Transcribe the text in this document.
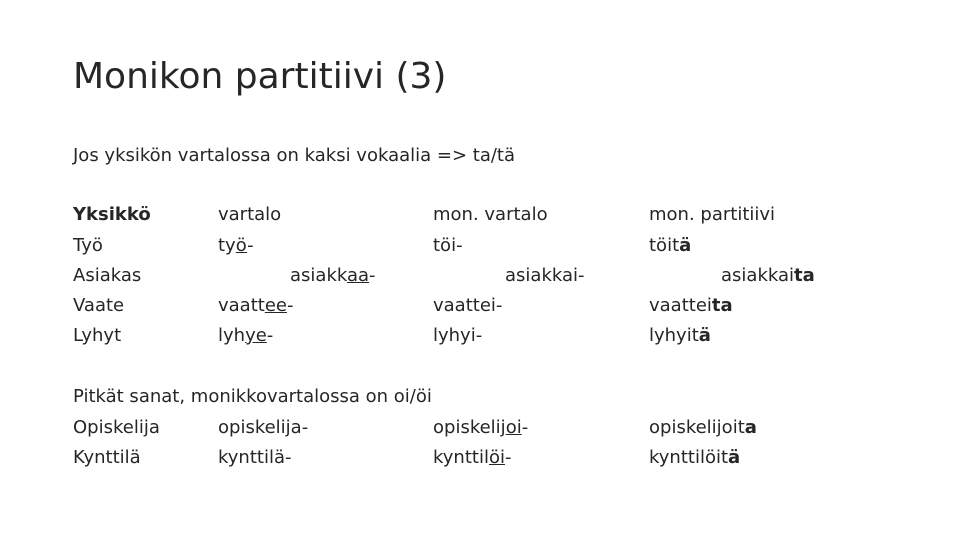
Monikon partitiivi (3)
Jos yksikön vartalossa on kaksi vokaalia => ta/tä
Yksikkö	vartalo	mon. vartalo	mon. partitiivi
Työ	työ-	töi-	töitä
Asiakas	asiakkaa-	asiakkai-	asiakkaita
Vaate	vaattee-	vaattei-	vaatteita
Lyhyt	lyhye-	lyhyi-	lyhyitä
Pitkät sanat, monikkovartalossa on oi/öi
Opiskelija	opiskelija-	opiskelijoi-	opiskelijoita
Kynttilä	kynttilä-	kynttilöi-	kynttilöitä
